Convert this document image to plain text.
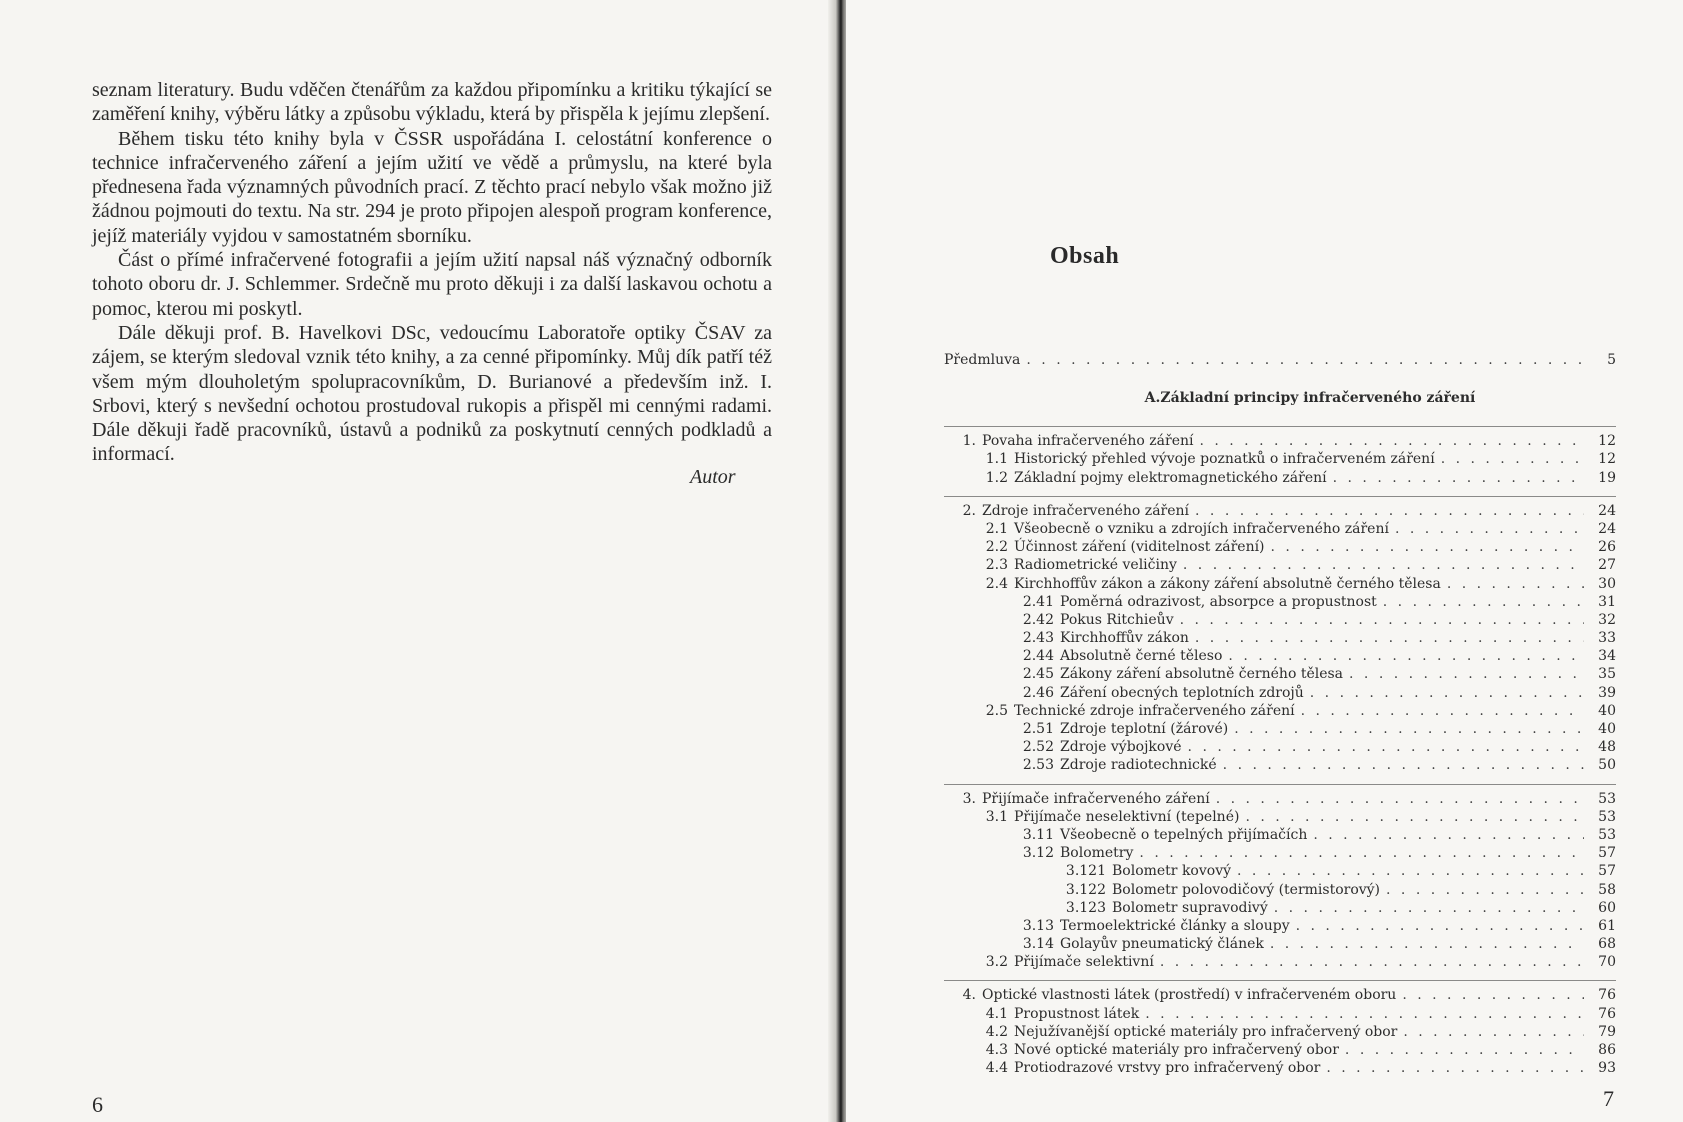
seznam literatury. Budu vděčen čtenářům za každou připomínku a kritiku týkající se zaměření knihy, výběru látky a způsobu výkladu, která by přispěla k jejímu zlepšení.

Během tisku této knihy byla v ČSSR uspořádána I. celostátní konference o technice infračerveného záření a jejím užití ve vědě a průmyslu, na které byla přednesena řada významných původních prací. Z těchto prací nebylo však možno již žádnou pojmouti do textu. Na str. 294 je proto připojen alespoň program konference, jejíž materiály vyjdou v samostatném sborníku.

Část o přímé infračervené fotografii a jejím užití napsal náš význačný odborník tohoto oboru dr. J. Schlemmer. Srdečně mu proto děkuji i za další laskavou ochotu a pomoc, kterou mi poskytl.

Dále děkuji prof. B. Havelkovi DSc, vedoucímu Laboratoře optiky ČSAV za zájem, se kterým sledoval vznik této knihy, a za cenné připomínky. Můj dík patří též všem mým dlouholetým spolupracovníkům, D. Burianové a především inž. I. Srbovi, který s nevšední ochotou prostudoval rukopis a přispěl mi cennými radami. Dále děkuji řadě pracovníků, ústavů a podniků za poskytnutí cenných podkladů a informací.

Autor
6
Obsah
Předmluva . . .	5
A.Základní principy infračerveného záření
1. Povaha infračerveného záření . . .	12
1.1 Historický přehled vývoje poznatků o infračerveném záření . . .	12
1.2 Základní pojmy elektromagnetického záření . . .	19
2. Zdroje infračerveného záření . . .	24
2.1 Všeobecně o vzniku a zdrojích infračerveného záření . . .	24
2.2 Účinnost záření (viditelnost záření) . . .	26
2.3 Radiometrické veličiny . . .	27
2.4 Kirchhoffův zákon a zákony záření absolutně černého tělesa . . .	30
2.41 Poměrná odrazivost, absorpce a propustnost . . .	31
2.42 Pokus Ritchieův . . .	32
2.43 Kirchhoffův zákon . . .	33
2.44 Absolutně černé těleso . . .	34
2.45 Zákony záření absolutně černého tělesa . . .	35
2.46 Záření obecných teplotních zdrojů . . .	39
2.5 Technické zdroje infračerveného záření . . .	40
2.51 Zdroje teplotní (žárové) . . .	40
2.52 Zdroje výbojkové . . .	48
2.53 Zdroje radiotechnické . . .	50
3. Přijímače infračerveného záření . . .	53
3.1 Přijímače neselektivní (tepelné) . . .	53
3.11 Všeobecně o tepelných přijímačích . . .	53
3.12 Bolometry . . .	57
3.121 Bolometr kovový . . .	57
3.122 Bolometr polovodičový (termistorový) . . .	58
3.123 Bolometr supravodivý . . .	60
3.13 Termoelektrické články a sloupy . . .	61
3.14 Golayův pneumatický článek . . .	68
3.2 Přijímače selektivní . . .	70
4. Optické vlastnosti látek (prostředí) v infračerveném oboru . . .	76
4.1 Propustnost látek . . .	76
4.2 Nejužívanější optické materiály pro infračervený obor . . .	79
4.3 Nové optické materiály pro infračervený obor . . .	86
4.4 Protiodrazové vrstvy pro infračervený obor . . .	93
7
